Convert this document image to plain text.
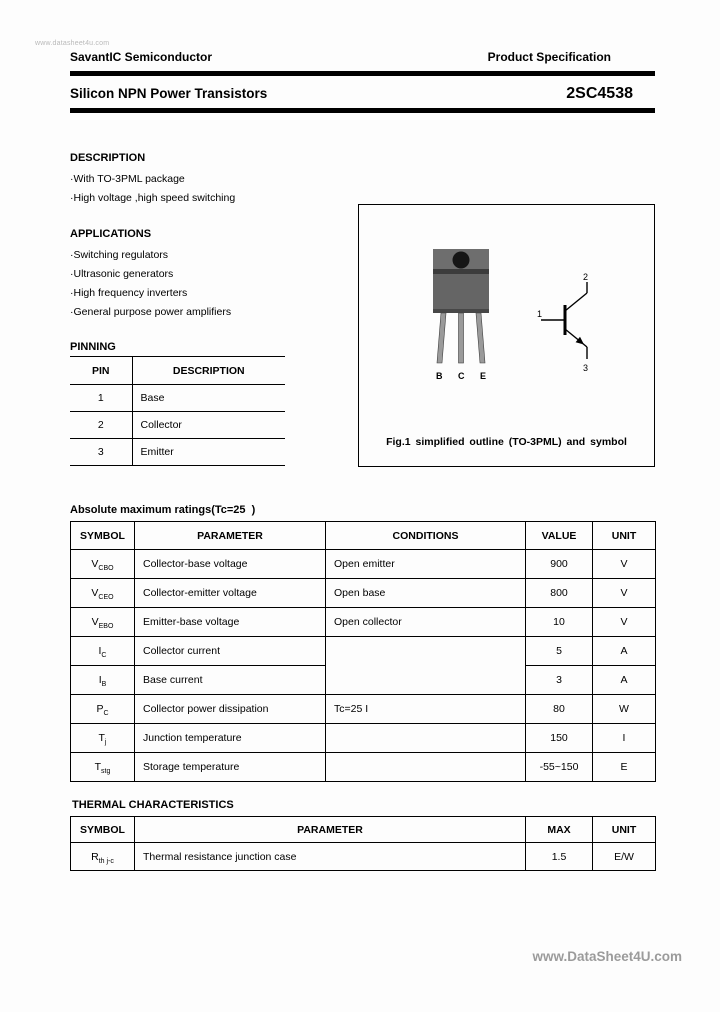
www.datasheet4u.com
SavantIC Semiconductor	Product Specification
Silicon NPN Power Transistors	2SC4538
DESCRIPTION
·With TO-3PML package
·High voltage ,high speed switching
APPLICATIONS
·Switching regulators
·Ultrasonic generators
·High frequency inverters
·General purpose power amplifiers
PINNING
PIN	DESCRIPTION
1	Base
2	Collector
3	Emitter
B C E
2
1
3
Fig.1 simplified outline (TO-3PML) and symbol
Absolute maximum ratings(Tc=25  )
SYMBOL	PARAMETER	CONDITIONS	VALUE	UNIT
$V_{CBO}$	Collector-base voltage	Open emitter	900	V
$V_{CEO}$	Collector-emitter voltage	Open base	800	V
$V_{EBO}$	Emitter-base voltage	Open collector	10	V
$I_C$	Collector current		5	A
$I_B$	Base current		3	A
$P_C$	Collector power dissipation	Tc=25 I	80	W
$T_j$	Junction temperature		150	I
$T_{stg}$	Storage temperature		-55~150	E
THERMAL CHARACTERISTICS
SYMBOL	PARAMETER	MAX	UNIT
$R_{th j-c}$	Thermal resistance junction case	1.5	E/W
www.DataSheet4U.com
